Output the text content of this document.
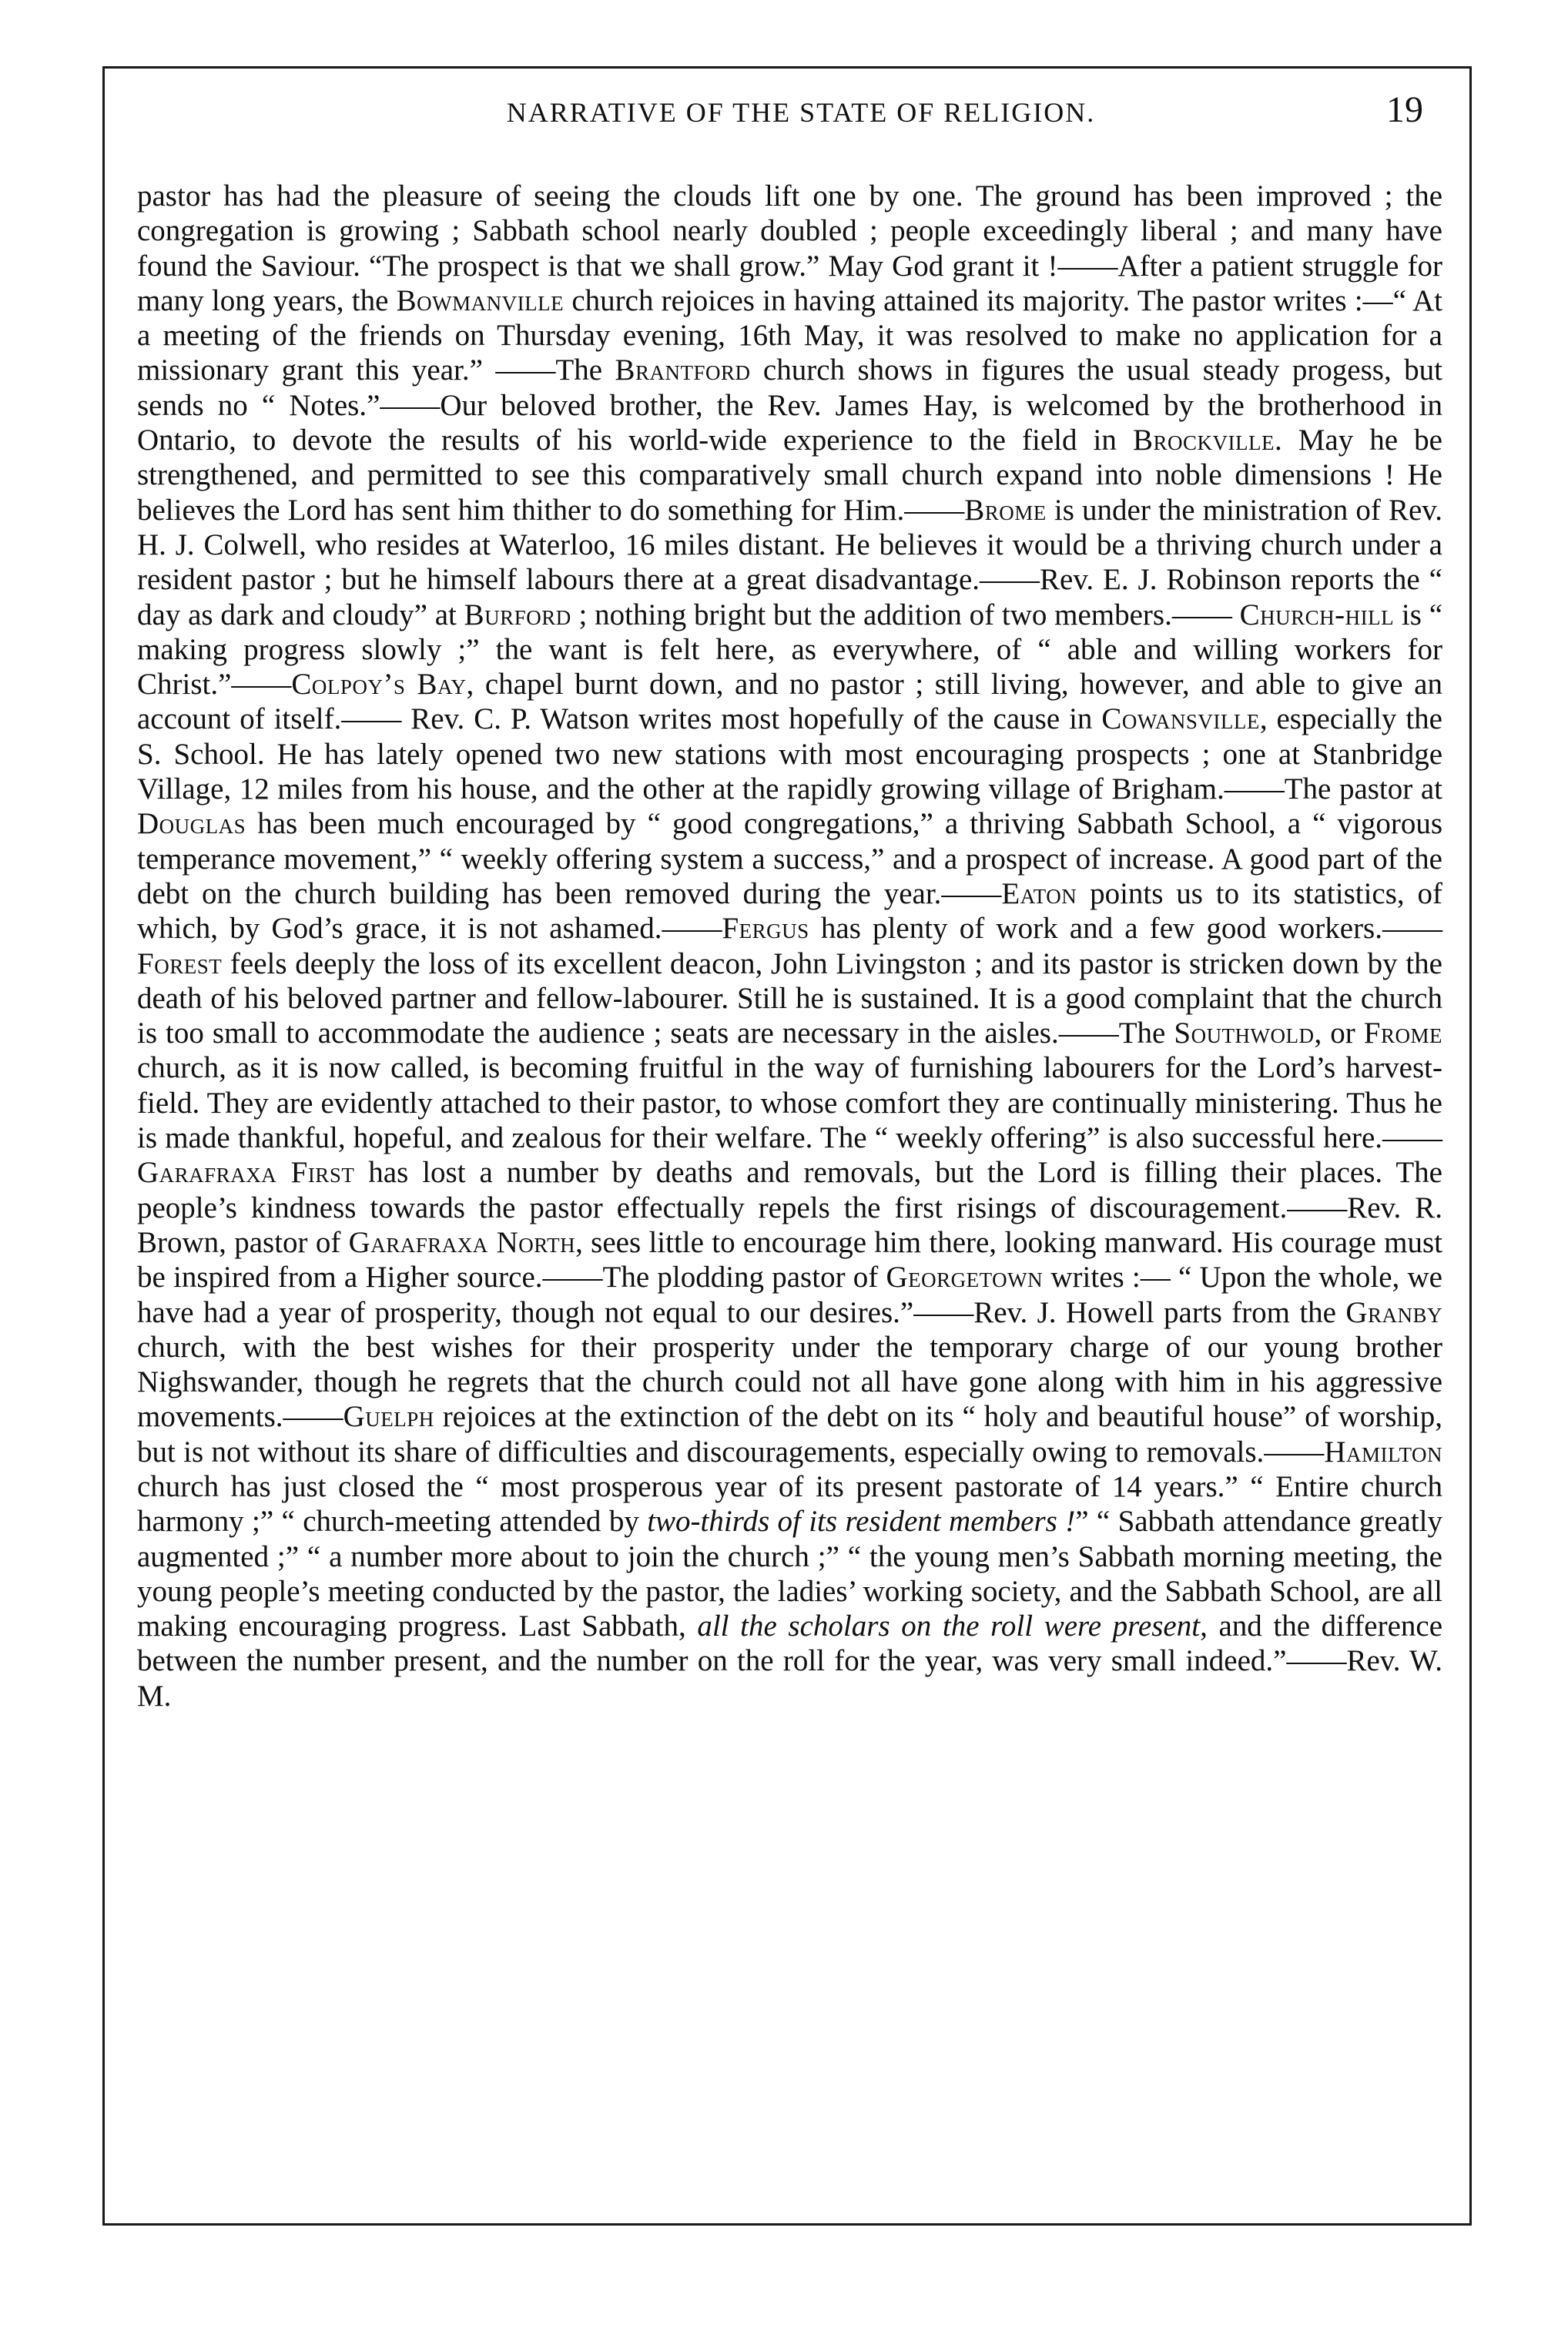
NARRATIVE OF THE STATE OF RELIGION.	19
pastor has had the pleasure of seeing the clouds lift one by one. The ground has been improved ; the congregation is growing ; Sabbath school nearly doubled ; people exceedingly liberal ; and many have found the Saviour. “The prospect is that we shall grow.” May God grant it !——After a patient struggle for many long years, the Bowmanville church rejoices in having attained its majority. The pastor writes :—“ At a meeting of the friends on Thursday evening, 16th May, it was resolved to make no application for a missionary grant this year.” ——The Brantford church shows in figures the usual steady progess, but sends no “ Notes.”——Our beloved brother, the Rev. James Hay, is welcomed by the brotherhood in Ontario, to devote the results of his world-wide experience to the field in Brockville. May he be strengthened, and permitted to see this comparatively small church expand into noble dimensions ! He believes the Lord has sent him thither to do something for Him.——Brome is under the ministration of Rev. H. J. Colwell, who resides at Waterloo, 16 miles distant. He believes it would be a thriving church under a resident pastor ; but he himself labours there at a great disadvantage.——Rev. E. J. Robinson reports the “ day as dark and cloudy” at Burford ; nothing bright but the addition of two members.—— Church-hill is “ making progress slowly ;” the want is felt here, as everywhere, of “ able and willing workers for Christ.”——Colpoy’s Bay, chapel burnt down, and no pastor ; still living, however, and able to give an account of itself.—— Rev. C. P. Watson writes most hopefully of the cause in Cowansville, especially the S. School. He has lately opened two new stations with most encouraging prospects ; one at Stanbridge Village, 12 miles from his house, and the other at the rapidly growing village of Brigham.——The pastor at Douglas has been much encouraged by “ good congregations,” a thriving Sabbath School, a “ vigorous temperance movement,” “ weekly offering system a success,” and a prospect of increase. A good part of the debt on the church building has been removed during the year.——Eaton points us to its statistics, of which, by God’s grace, it is not ashamed.——Fergus has plenty of work and a few good workers.——Forest feels deeply the loss of its excellent deacon, John Livingston ; and its pastor is stricken down by the death of his beloved partner and fellow-labourer. Still he is sustained. It is a good complaint that the church is too small to accommodate the audience ; seats are necessary in the aisles.——The Southwold, or Frome church, as it is now called, is becoming fruitful in the way of furnishing labourers for the Lord’s harvest-field. They are evidently attached to their pastor, to whose comfort they are continually ministering. Thus he is made thankful, hopeful, and zealous for their welfare. The “ weekly offering” is also successful here.—— Garafraxa First has lost a number by deaths and removals, but the Lord is filling their places. The people’s kindness towards the pastor effectually repels the first risings of discouragement.——Rev. R. Brown, pastor of Garafraxa North, sees little to encourage him there, looking manward. His courage must be inspired from a Higher source.——The plodding pastor of Georgetown writes :— “ Upon the whole, we have had a year of prosperity, though not equal to our desires.”——Rev. J. Howell parts from the Granby church, with the best wishes for their prosperity under the temporary charge of our young brother Nighswander, though he regrets that the church could not all have gone along with him in his aggressive movements.——Guelph rejoices at the extinction of the debt on its “ holy and beautiful house” of worship, but is not without its share of difficulties and discouragements, especially owing to removals.——Hamilton church has just closed the “ most prosperous year of its present pastorate of 14 years.” “ Entire church harmony ;” “ church-meeting attended by two-thirds of its resident members !” “ Sabbath attendance greatly augmented ;” “ a number more about to join the church ;” “ the young men’s Sabbath morning meeting, the young people’s meeting conducted by the pastor, the ladies’ working society, and the Sabbath School, are all making encouraging progress. Last Sabbath, all the scholars on the roll were present, and the difference between the number present, and the number on the roll for the year, was very small indeed.”——Rev. W. M.
